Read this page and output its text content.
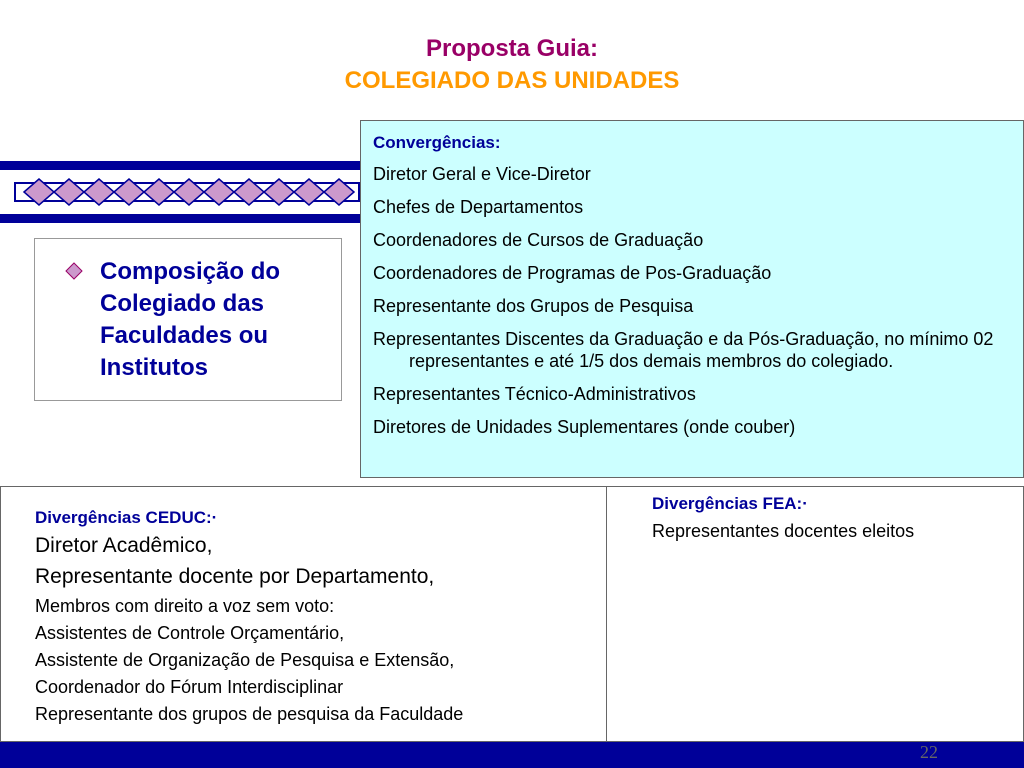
Proposta Guia:
COLEGIADO DAS UNIDADES
Composição do Colegiado das Faculdades ou Institutos
Convergências:
Diretor Geral e Vice-Diretor
Chefes de Departamentos
Coordenadores de Cursos de Graduação
Coordenadores de Programas de Pos-Graduação
Representante dos Grupos de Pesquisa
Representantes Discentes da Graduação e da Pós-Graduação, no mínimo 02 representantes e até 1/5 dos demais membros do colegiado.
Representantes Técnico-Administrativos
Diretores de Unidades Suplementares (onde couber)
Divergências CEDUC:·
Diretor Acadêmico,
Representante docente por Departamento,
Membros com direito a voz sem voto:
Assistentes de Controle Orçamentário,
Assistente de Organização de Pesquisa e Extensão,
Coordenador do Fórum Interdisciplinar
Representante dos grupos de pesquisa da Faculdade
Divergências FEA:·
Representantes docentes eleitos
22
